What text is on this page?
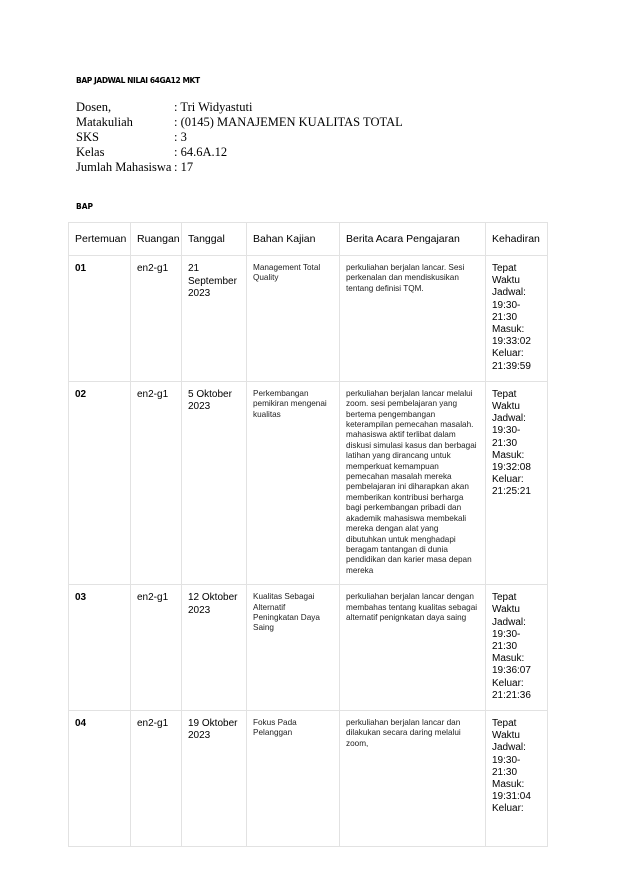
BAP JADWAL NILAI 64GA12 MKT
Dosen,	: Tri Widyastuti
Matakuliah	: (0145) MANAJEMEN KUALITAS TOTAL
SKS	: 3
Kelas	: 64.6A.12
Jumlah Mahasiswa : 17
BAP
Pertemuan	Ruangan	Tanggal	Bahan Kajian	Berita Acara Pengajaran	Kehadiran
01	en2-g1	21 September 2023	Management Total Quality	perkuliahan berjalan lancar. Sesi perkenalan dan mendiskusikan tentang definisi TQM.	Tepat Waktu Jadwal: 19:30-21:30 Masuk: 19:33:02 Keluar: 21:39:59
02	en2-g1	5 Oktober 2023	Perkembangan pemikiran mengenai kualitas	perkuliahan berjalan lancar melalui zoom. sesi pembelajaran yang bertema pengembangan keterampilan pemecahan masalah. mahasiswa aktif terlibat dalam diskusi simulasi kasus dan berbagai latihan yang dirancang untuk memperkuat kemampuan pemecahan masalah mereka pembelajaran ini diharapkan akan memberikan kontribusi berharga bagi perkembangan pribadi dan akademik mahasiswa membekali mereka dengan alat yang dibutuhkan untuk menghadapi beragam tantangan di dunia pendidikan dan karier masa depan mereka	Tepat Waktu Jadwal: 19:30-21:30 Masuk: 19:32:08 Keluar: 21:25:21
03	en2-g1	12 Oktober 2023	Kualitas Sebagai Alternatif Peningkatan Daya Saing	perkuliahan berjalan lancar dengan membahas tentang kualitas sebagai alternatif penignkatan daya saing	Tepat Waktu Jadwal: 19:30-21:30 Masuk: 19:36:07 Keluar: 21:21:36
04	en2-g1	19 Oktober 2023	Fokus Pada Pelanggan	perkuliahan berjalan lancar dan dilakukan secara daring melalui zoom,	Tepat Waktu Jadwal: 19:30-21:30 Masuk: 19:31:04 Keluar:
